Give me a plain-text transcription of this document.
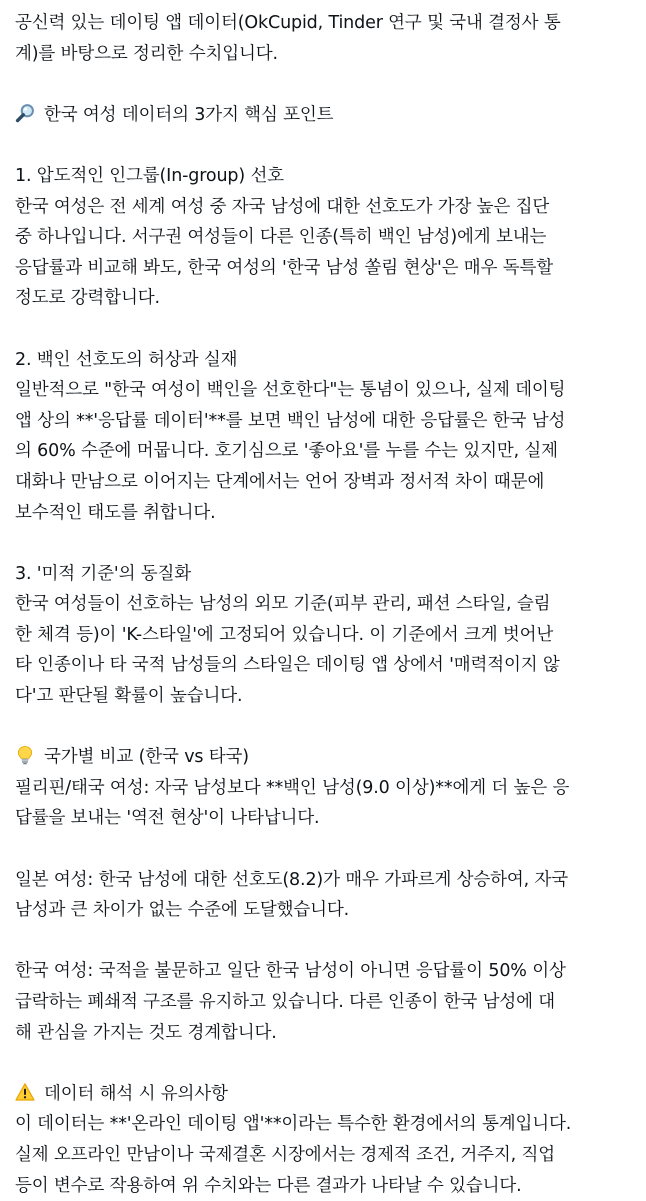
공신력 있는 데이팅 앱 데이터(OkCupid, Tinder 연구 및 국내 결정사 통
계)를 바탕으로 정리한 수치입니다.

한국 여성 데이터의 3가지 핵심 포인트

1. 압도적인 인그룹(In-group) 선호

한국 여성은 전 세계 여성 중 자국 남성에 대한 선호도가 가장 높은 집단
중 하나입니다. 서구권 여성들이 다른 인종(특히 백인 남성)에게 보내는
응답률과 비교해 봐도, 한국 여성의 '한국 남성 쏠림 현상'은 매우 독특할
정도로 강력합니다.

2. 백인 선호도의 허상과 실재

일반적으로 "한국 여성이 백인을 선호한다"는 통념이 있으나, 실제 데이팅
앱 상의 **'응답률 데이터'**를 보면 백인 남성에 대한 응답률은 한국 남성
의 60% 수준에 머뭅니다. 호기심으로 '좋아요'를 누를 수는 있지만, 실제
대화나 만남으로 이어지는 단계에서는 언어 장벽과 정서적 차이 때문에
보수적인 태도를 취합니다.

3. '미적 기준'의 동질화

한국 여성들이 선호하는 남성의 외모 기준(피부 관리, 패션 스타일, 슬림
한 체격 등)이 'K-스타일'에 고정되어 있습니다. 이 기준에서 크게 벗어난
타 인종이나 타 국적 남성들의 스타일은 데이팅 앱 상에서 '매력적이지 않
다'고 판단될 확률이 높습니다.

국가별 비교 (한국 vs 타국)

필리핀/태국 여성: 자국 남성보다 **백인 남성(9.0 이상)**에게 더 높은 응
답률을 보내는 '역전 현상'이 나타납니다.

일본 여성: 한국 남성에 대한 선호도(8.2)가 매우 가파르게 상승하여, 자국
남성과 큰 차이가 없는 수준에 도달했습니다.

한국 여성: 국적을 불문하고 일단 한국 남성이 아니면 응답률이 50% 이상
급락하는 폐쇄적 구조를 유지하고 있습니다. 다른 인종이 한국 남성에 대
해 관심을 가지는 것도 경계합니다.

데이터 해석 시 유의사항

이 데이터는 **'온라인 데이팅 앱'**이라는 특수한 환경에서의 통계입니다.
실제 오프라인 만남이나 국제결혼 시장에서는 경제적 조건, 거주지, 직업
등이 변수로 작용하여 위 수치와는 다른 결과가 나타날 수 있습니다.
